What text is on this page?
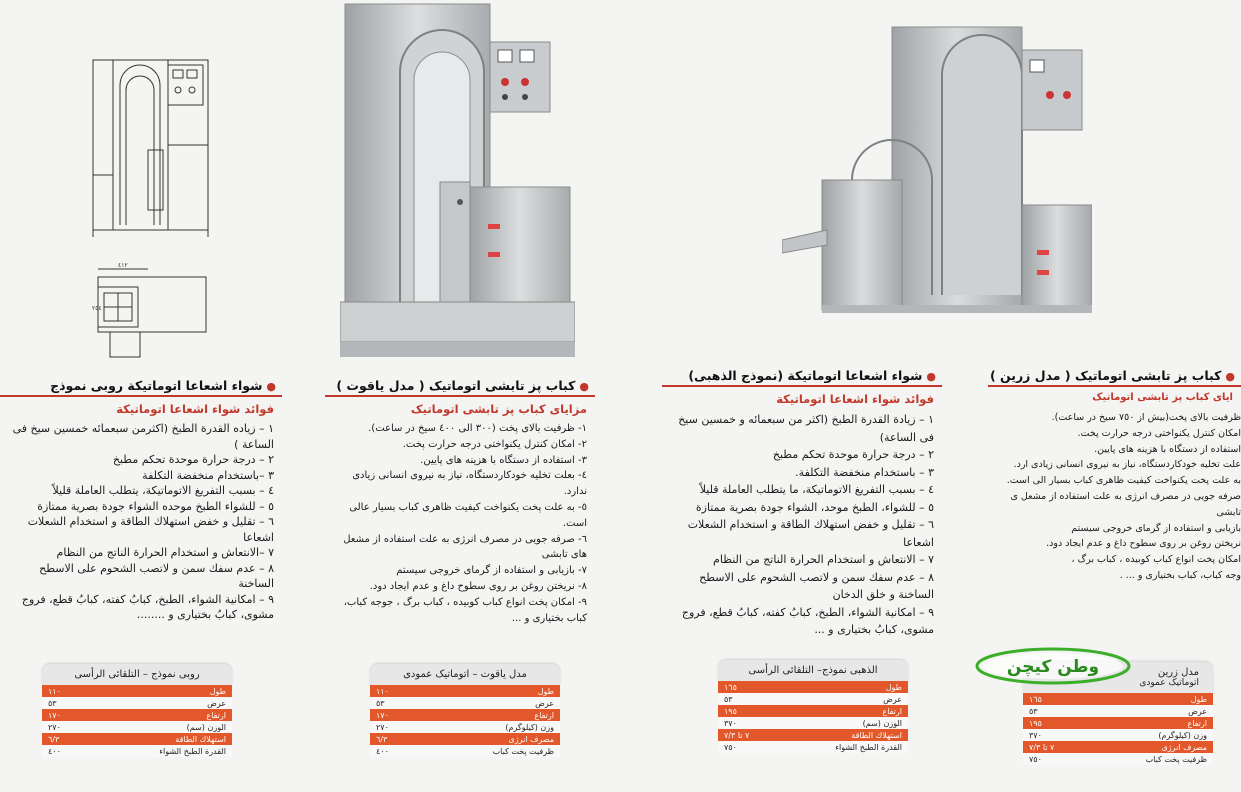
٤١٢
٢٥٤
●شواء اشعاعا اتوماتيكة روبى نموذج
فوائد شواء اشعاعا اتوماتيكة
١ – زياده القدرة الطبخ (اكثرمن سبعمائه خمسين سيخ فى الساعة )
٢ – درجة حرارة موحدة تحكم مطبخ
٣ –باستخدام منخفضة التكلفة
٤ – بسبب التفريغ الاتوماتيكة، يتطلب العاملة قليلاً
٥ – للشواء الطبخ موحده الشواء جودة بصرية ممتازة
٦ – تقليل و خفض استهلاك الطاقة و استخدام الشعلات اشعاعا
٧ –الانتعاش و استخدام الحرارة الناتج من النظام
٨ – عدم سفك سمن و لاتصب الشحوم على الاسطح الساخنة
٩ – امكانية الشواء، الطبخ، كبابُ كفته، كبابُ قطع، فروج مشوى، كبابُ بختيارى و ........
روبی نموذج – التلقائی الرأسی
طول
١١٠
عرض
٥٣
ارتفاع
١٧٠
الوزن (سم)
٢٧٠
استهلاك الطاقة
٦/٣
القدرة الطبخ الشواء
٤٠٠
●کباب پز تابشی اتوماتیک ( مدل یاقوت )
مزایای کباب پز تابشی اتوماتیک
١- ظرفیت بالای پخت (٣٠٠ الی ٤٠٠ سیخ در ساعت).
٢- امکان کنترل یکنواختی درجه حرارت پخت.
٣- استفاده از دستگاه با هزینه های پایین.
٤- بعلت تخلیه خودکاردستگاه، نیاز به نیروی انسانی زیادی ندارد.
٥- به علت پخت یکنواخت کیفیت ظاهری کباب بسیار عالی است.
٦- صرفه جویی در مصرف انرژی به علت استفاده از مشعل های تابشی
٧- بازیابی و استفاده از گرمای خروجی سیستم
٨- نریختن روغن بر روی سطوح داغ و عدم ایجاد دود.
٩- امکان پخت انواع کباب کوبیده ، کباب برگ ، جوجه کباب، کباب بختیاری و ...
مدل یاقوت – اتوماتیک عمودی
طول
١١٠
عرض
٥٣
ارتفاع
١٧٠
وزن (کیلوگرم)
٢٧٠
مصرف انرژی
٦/٣
ظرفیت پخت کباب
٤٠٠
●شواء اشعاعا اتوماتيكة (نموذج الذهبى)
فوائد شواء اشعاعا اتوماتيكة
١ – زيادة القدرة الطبخ (اكثر من سبعمائه و خمسين سيخ فى الساعة)
٢ – درجة حرارة موحدة تحكم مطبخ
٣ – باستخدام منخفضة التكلفة.
٤ – بسبب التفريغ الاتوماتيكة، ما يتطلب العاملة قليلاً
٥ – للشواء، الطبخ موحد، الشواء جودة بصرية ممتازة
٦ – تقليل و خفض استهلاك الطاقة و استخدام الشعلات اشعاعا
٧ – الانتعاش و استخدام الحرارة الناتج من النظام
٨ – عدم سفك سمن و لاتصب الشحوم على الاسطح الساخنة و خلق الدخان
٩ – امكانية الشواء، الطبخ، كبابُ كفته، كبابُ قطع، فروج مشوى، كبابُ بختيارى و ...
الذهبى نموذج– التلقائی الرأسی
طول
١٦٥
عرض
٥٣
ارتفاع
١٩٥
الوزن (سم)
٣٧٠
استهلاك الطاقة
٧ تا ٧/٣
القدرة الطبخ الشواء
٧٥٠
●کباب پز تابشی اتوماتیک ( مدل زرین )
ایای کباب پز تابشی اتوماتیک
ظرفیت بالای پخت(بیش از ٧٥٠ سیخ در ساعت).
امکان کنترل یکنواختی درجه حرارت پخت.
استفاده از دستگاه با هزینه های پایین.
علت تخلیه خودکاردستگاه، نیاز به نیروی انسانی زیادی ارد.
به علت پخت یکنواخت کیفیت ظاهری کباب بسیار الی است.
صرفه جویی در مصرف انرژی به علت استفاده از مشعل ی تابشی
بازیابی و استفاده از گرمای خروجی سیستم
نریختن روغن بر روی سطوح داغ و عدم ایجاد دود.
امکان پخت انواع کباب کوبیده ، کباب برگ ،
وجه کباب، کباب بختیاری و ... .
مدل زرین
اتوماتیک عمودی
طول
١٦٥
عرض
٥٣
ارتفاع
١٩٥
وزن (کیلوگرم)
٣٧٠
مصرف انرژی
٧ تا ٧/٣
ظرفیت پخت کباب
٧٥٠
وطن کیچن
